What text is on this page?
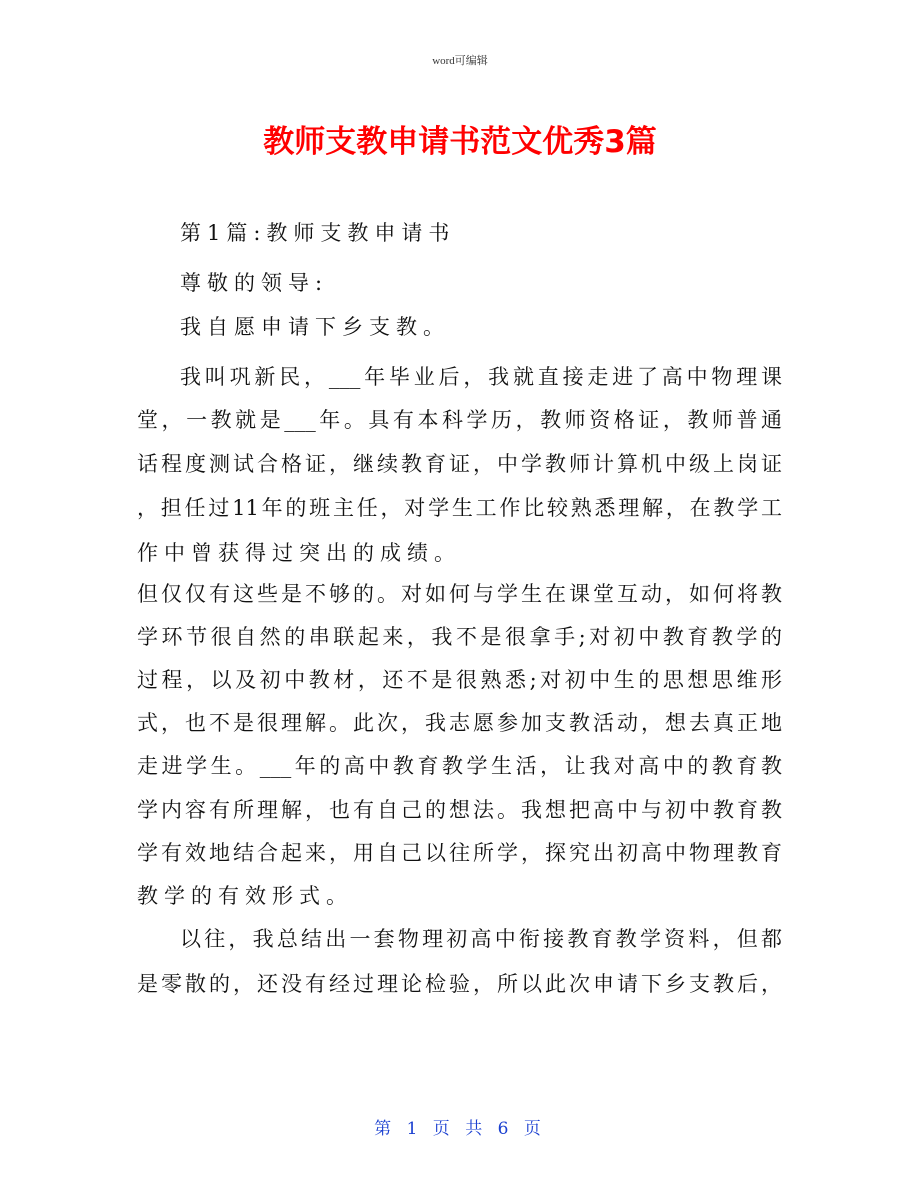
word可编辑
教师支教申请书范文优秀3篇
第1篇:教师支教申请书
尊敬的领导:
我自愿申请下乡支教。
我叫巩新民，___年毕业后，我就直接走进了高中物理课
堂，一教就是___年。具有本科学历，教师资格证，教师普通
话程度测试合格证，继续教育证，中学教师计算机中级上岗证
，担任过11年的班主任，对学生工作比较熟悉理解，在教学工
作中曾获得过突出的成绩。
但仅仅有这些是不够的。对如何与学生在课堂互动，如何将教
学环节很自然的串联起来，我不是很拿手;对初中教育教学的
过程，以及初中教材，还不是很熟悉;对初中生的思想思维形
式，也不是很理解。此次，我志愿参加支教活动，想去真正地
走进学生。___年的高中教育教学生活，让我对高中的教育教
学内容有所理解，也有自己的想法。我想把高中与初中教育教
学有效地结合起来，用自己以往所学，探究出初高中物理教育
教学的有效形式。
以往，我总结出一套物理初高中衔接教育教学资料，但都
是零散的，还没有经过理论检验，所以此次申请下乡支教后，
第 1 页 共 6 页
